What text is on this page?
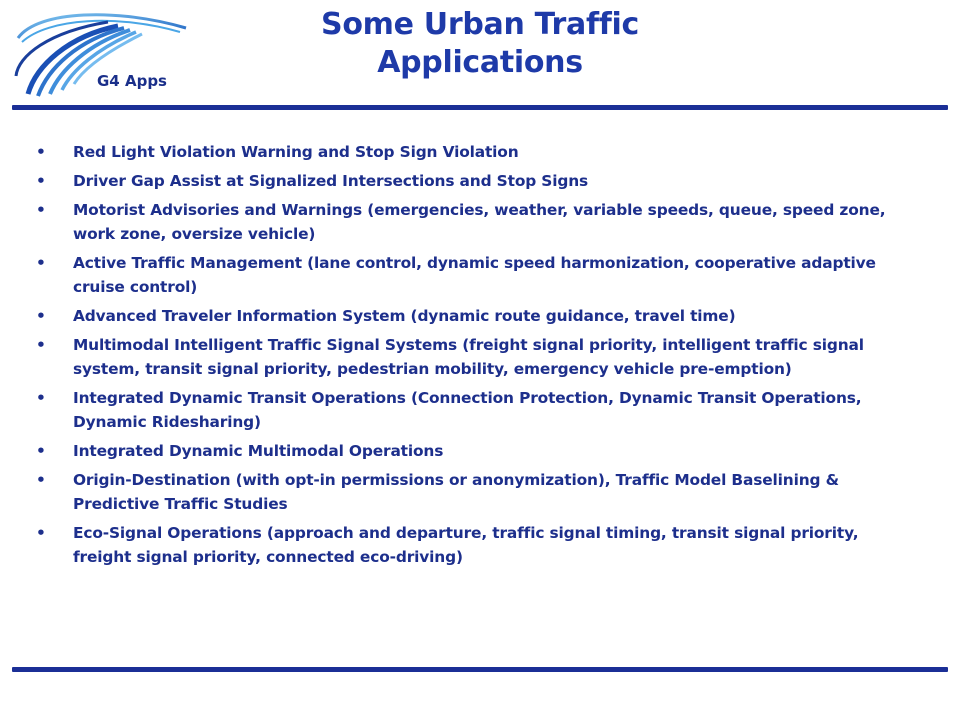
G4 Apps
Some Urban Traffic
Applications
• Red Light Violation Warning and Stop Sign Violation
• Driver Gap Assist at Signalized Intersections and Stop Signs
• Motorist Advisories and Warnings (emergencies, weather, variable speeds, queue, speed zone, work zone, oversize vehicle)
• Active Traffic Management (lane control, dynamic speed harmonization, cooperative adaptive cruise control)
• Advanced Traveler Information System (dynamic route guidance, travel time)
• Multimodal Intelligent Traffic Signal Systems (freight signal priority, intelligent traffic signal system, transit signal priority, pedestrian mobility, emergency vehicle pre-emption)
• Integrated Dynamic Transit Operations (Connection Protection, Dynamic Transit Operations, Dynamic Ridesharing)
• Integrated Dynamic Multimodal Operations
• Origin-Destination (with opt-in permissions or anonymization), Traffic Model Baselining & Predictive Traffic Studies
• Eco-Signal Operations (approach and departure, traffic signal timing, transit signal priority, freight signal priority, connected eco-driving)
